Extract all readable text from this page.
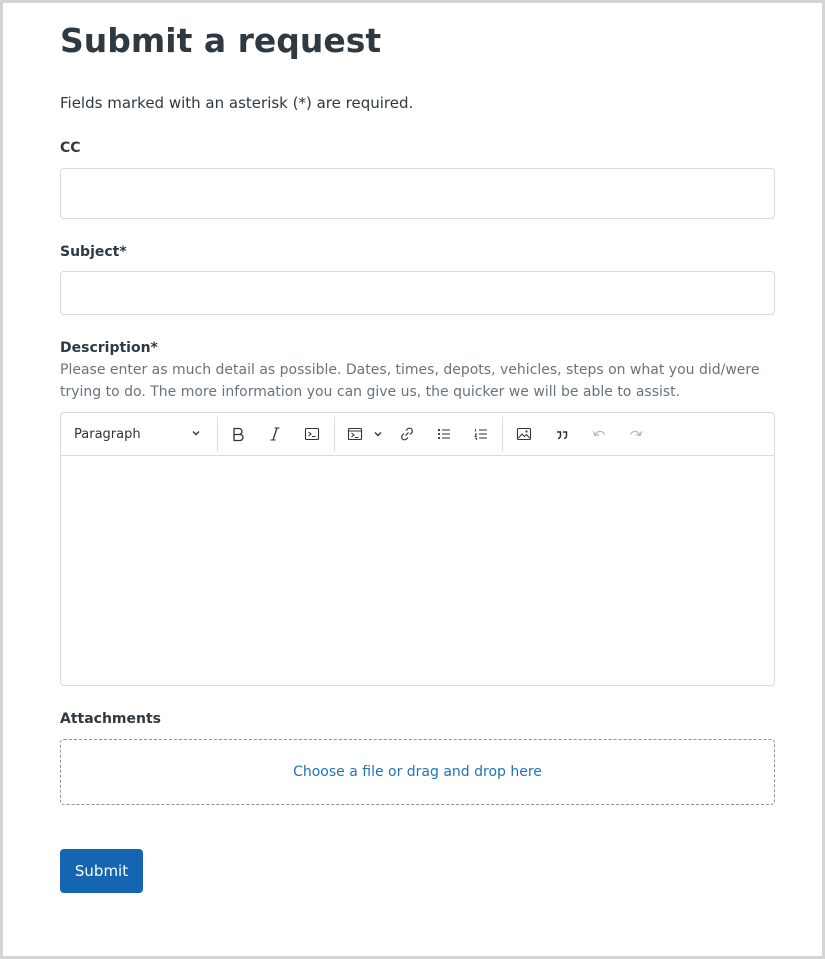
Submit a request
Fields marked with an asterisk (*) are required.
CC
Subject*
Description*
Please enter as much detail as possible. Dates, times, depots, vehicles, steps on what you did/were trying to do. The more information you can give us, the quicker we will be able to assist.
Paragraph
Attachments
Choose a file or drag and drop here
Submit
